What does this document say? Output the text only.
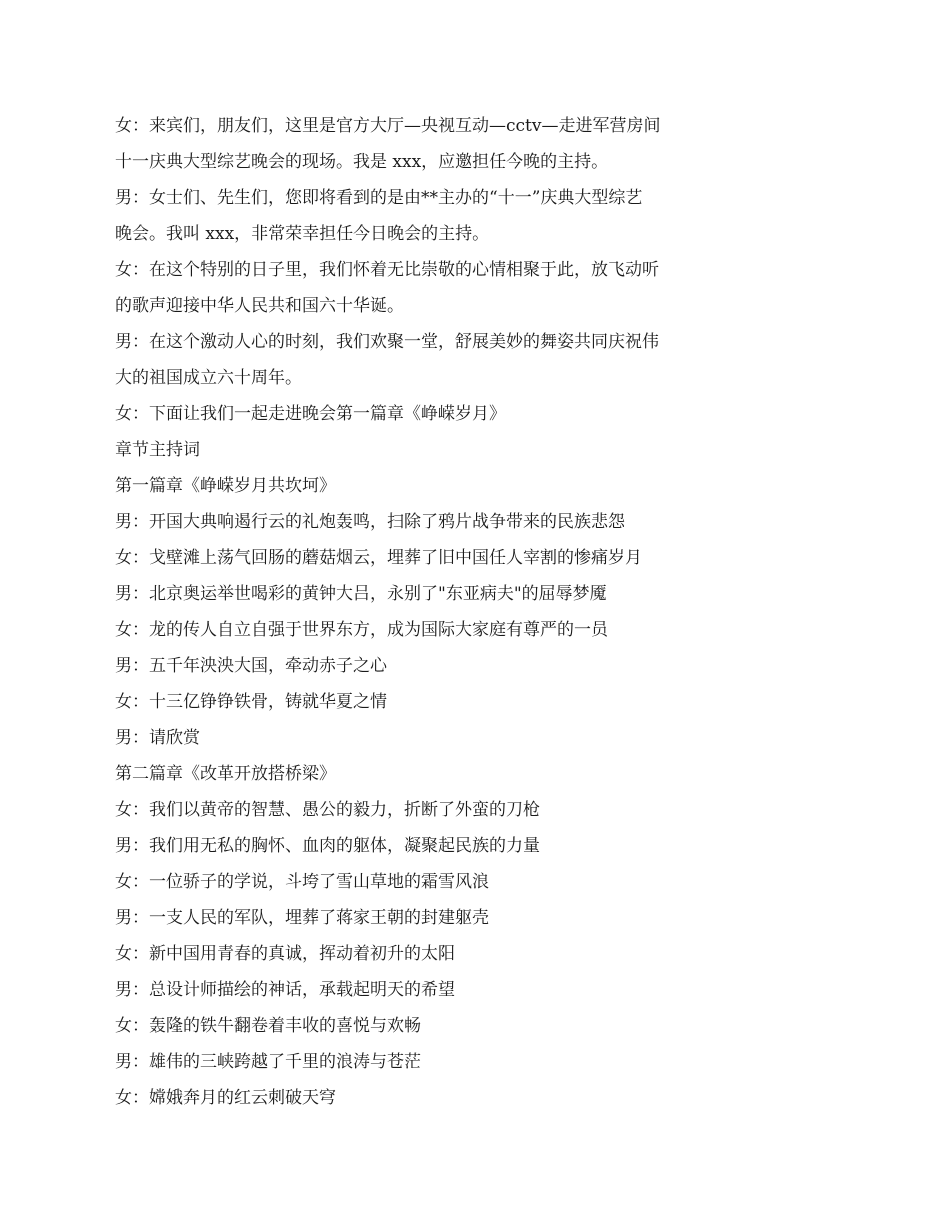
女：来宾们，朋友们，这里是官方大厅—央视互动—cctv—走进军营房间

十一庆典大型综艺晚会的现场。我是 xxx，应邀担任今晚的主持。

男：女士们、先生们，您即将看到的是由**主办的“十一”庆典大型综艺

晚会。我叫 xxx，非常荣幸担任今日晚会的主持。

女：在这个特别的日子里，我们怀着无比崇敬的心情相聚于此，放飞动听

的歌声迎接中华人民共和国六十华诞。

男：在这个激动人心的时刻，我们欢聚一堂，舒展美妙的舞姿共同庆祝伟

大的祖国成立六十周年。

女：下面让我们一起走进晚会第一篇章《峥嵘岁月》

章节主持词

第一篇章《峥嵘岁月共坎坷》

男：开国大典响遏行云的礼炮轰鸣，扫除了鸦片战争带来的民族悲怨

女：戈壁滩上荡气回肠的蘑菇烟云，埋葬了旧中国任人宰割的惨痛岁月

男：北京奥运举世喝彩的黄钟大吕，永别了"东亚病夫"的屈辱梦魇

女：龙的传人自立自强于世界东方，成为国际大家庭有尊严的一员

男：五千年泱泱大国，牵动赤子之心

女：十三亿铮铮铁骨，铸就华夏之情

男：请欣赏

第二篇章《改革开放搭桥梁》

女：我们以黄帝的智慧、愚公的毅力，折断了外蛮的刀枪

男：我们用无私的胸怀、血肉的躯体，凝聚起民族的力量

女：一位骄子的学说，斗垮了雪山草地的霜雪风浪

男：一支人民的军队，埋葬了蒋家王朝的封建躯壳

女：新中国用青春的真诚，挥动着初升的太阳

男：总设计师描绘的神话，承载起明天的希望

女：轰隆的铁牛翻卷着丰收的喜悦与欢畅

男：雄伟的三峡跨越了千里的浪涛与苍茫

女：嫦娥奔月的红云刺破天穹
